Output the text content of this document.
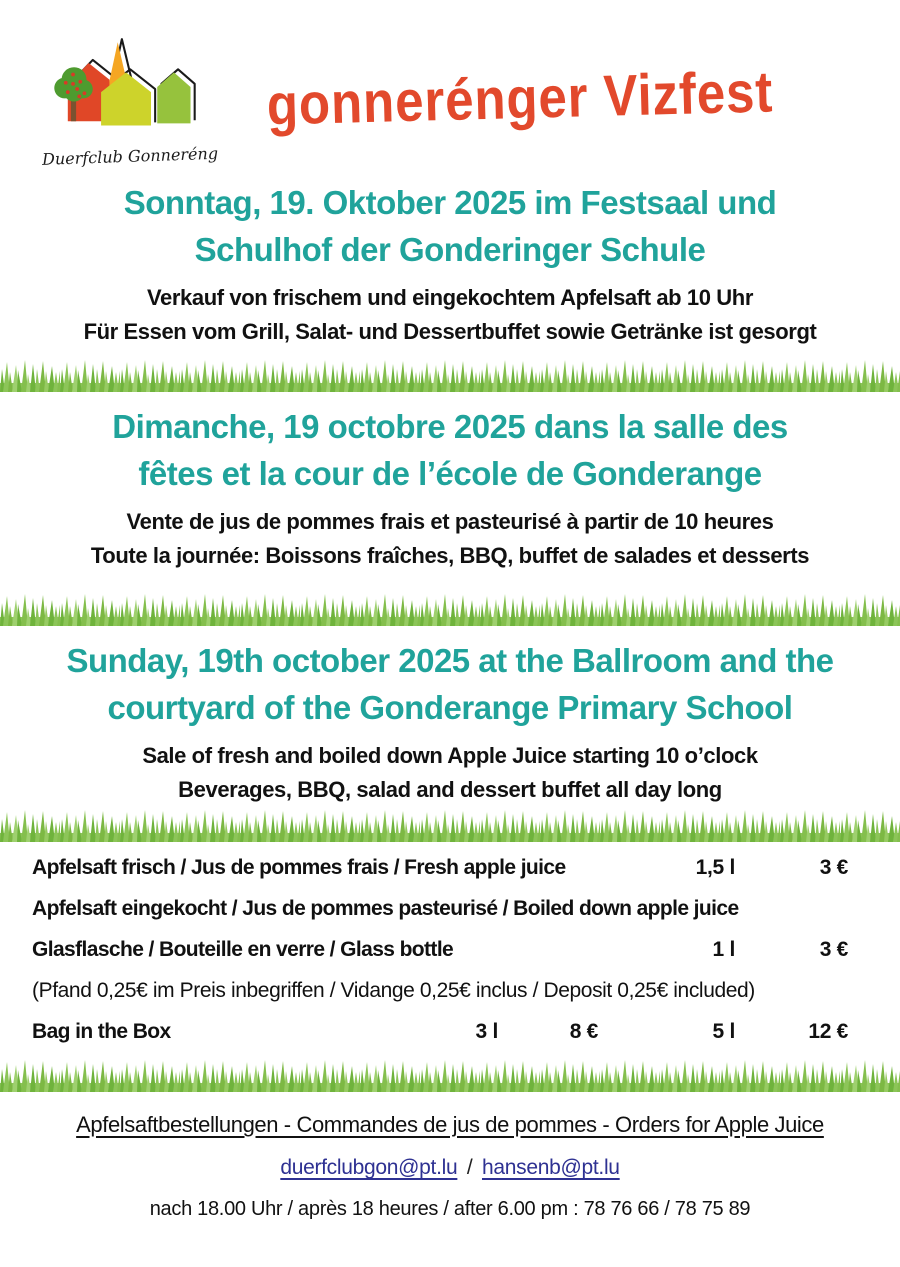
Duerfclub Gonneréng
gonnerénger Vizfest
Sonntag, 19. Oktober 2025 im Festsaal und
Schulhof der Gonderinger Schule
Verkauf von frischem und eingekochtem Apfelsaft ab 10 Uhr
Für Essen vom Grill, Salat- und Dessertbuffet sowie Getränke ist gesorgt
Dimanche, 19 octobre 2025 dans la salle des
fêtes et la cour de l’école de Gonderange
Vente de jus de pommes frais et pasteurisé à partir de 10 heures
Toute la journée: Boissons fraîches, BBQ, buffet de salades et desserts
Sunday, 19th october 2025 at the Ballroom and the
courtyard of the Gonderange Primary School
Sale of fresh and boiled down Apple Juice starting 10 o’clock
Beverages, BBQ, salad and dessert buffet all day long
Apfelsaft frisch / Jus de pommes frais / Fresh apple juice	1,5 l	3 €
Apfelsaft eingekocht / Jus de pommes pasteurisé / Boiled down apple juice
Glasflasche / Bouteille en verre / Glass bottle	1 l	3 €
(Pfand 0,25€ im Preis inbegriffen / Vidange 0,25€ inclus / Deposit 0,25€ included)
Bag in the Box	3 l	8 €	5 l	12 €
Apfelsaftbestellungen - Commandes de jus de pommes - Orders for Apple Juice
duerfclubgon@pt.lu / hansenb@pt.lu
nach 18.00 Uhr / après 18 heures / after 6.00 pm : 78 76 66 / 78 75 89
